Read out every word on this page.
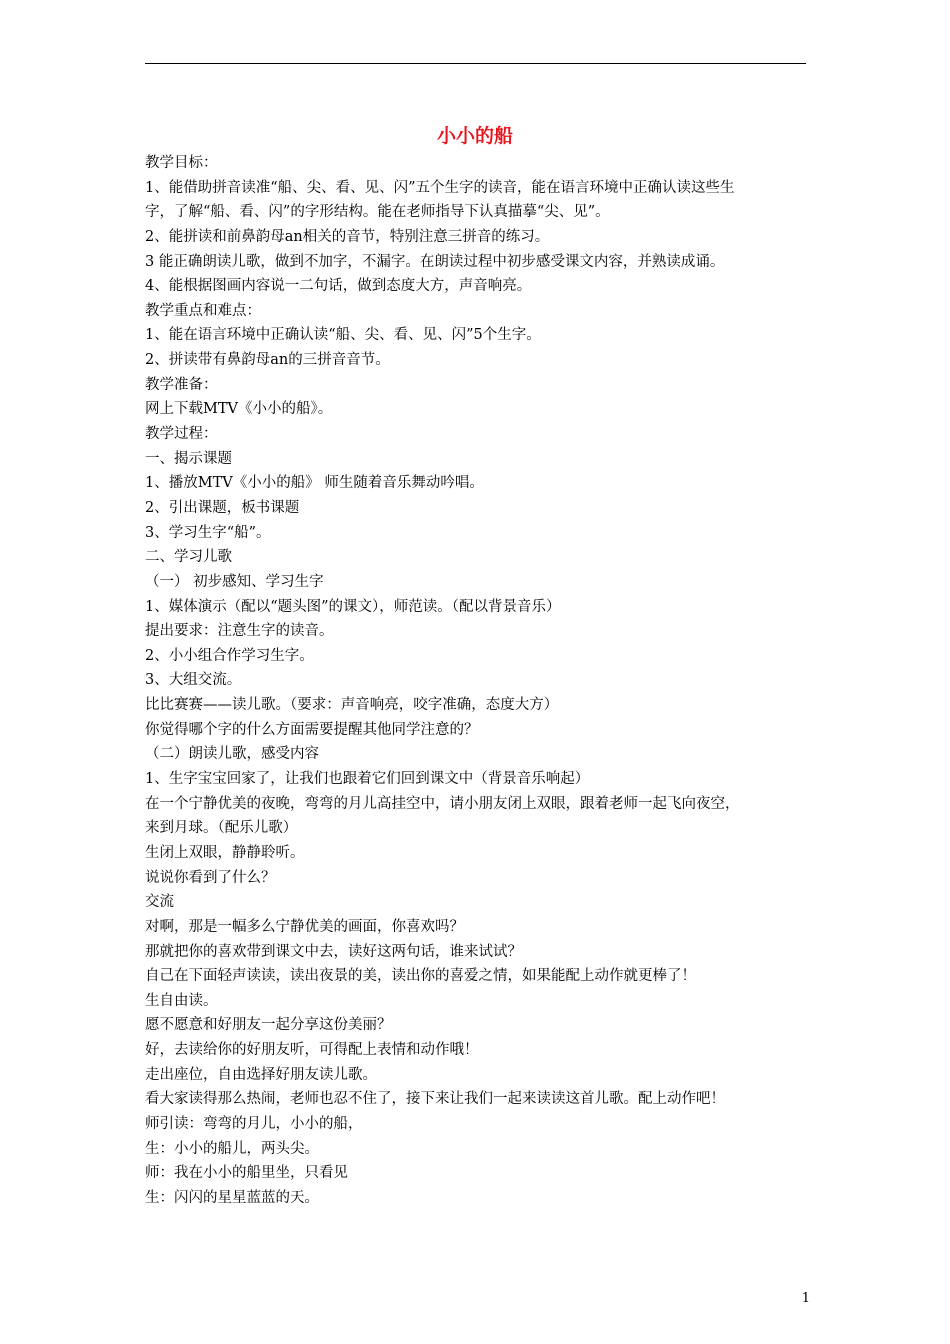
小小的船

教学目标：

1、能借助拼音读准“船、尖、看、见、闪”五个生字的读音，能在语言环境中正确认读这些生

字，了解“船、看、闪”的字形结构。能在老师指导下认真描摹“尖、见”。

2、能拼读和前鼻韵母an相关的音节，特别注意三拼音的练习。

3 能正确朗读儿歌，做到不加字，不漏字。在朗读过程中初步感受课文内容，并熟读成诵。

4、能根据图画内容说一二句话，做到态度大方，声音响亮。

教学重点和难点：

1、能在语言环境中正确认读“船、尖、看、见、闪”5个生字。

2、拼读带有鼻韵母an的三拼音音节。

教学准备：

网上下载MTV《小小的船》。

教学过程：

一、揭示课题

1、播放MTV《小小的船》 师生随着音乐舞动吟唱。

2、引出课题，板书课题

3、学习生字“船”。

二、学习儿歌

（一） 初步感知、学习生字

1、媒体演示（配以“题头图”的课文），师范读。（配以背景音乐）

提出要求：注意生字的读音。

2、小小组合作学习生字。

3、大组交流。

比比赛赛——读儿歌。（要求：声音响亮，咬字准确，态度大方）

你觉得哪个字的什么方面需要提醒其他同学注意的？

（二）朗读儿歌，感受内容

1、生字宝宝回家了，让我们也跟着它们回到课文中（背景音乐响起）

在一个宁静优美的夜晚，弯弯的月儿高挂空中，请小朋友闭上双眼，跟着老师一起飞向夜空，

来到月球。（配乐儿歌）

生闭上双眼，静静聆听。

说说你看到了什么？

交流

对啊，那是一幅多么宁静优美的画面，你喜欢吗？

那就把你的喜欢带到课文中去，读好这两句话，谁来试试？

自己在下面轻声读读，读出夜景的美，读出你的喜爱之情，如果能配上动作就更棒了！

生自由读。

愿不愿意和好朋友一起分享这份美丽？

好，去读给你的好朋友听，可得配上表情和动作哦！

走出座位，自由选择好朋友读儿歌。

看大家读得那么热闹，老师也忍不住了，接下来让我们一起来读读这首儿歌。配上动作吧！

师引读：弯弯的月儿，小小的船，

生：小小的船儿，两头尖。

师：我在小小的船里坐，只看见

生：闪闪的星星蓝蓝的天。

1
